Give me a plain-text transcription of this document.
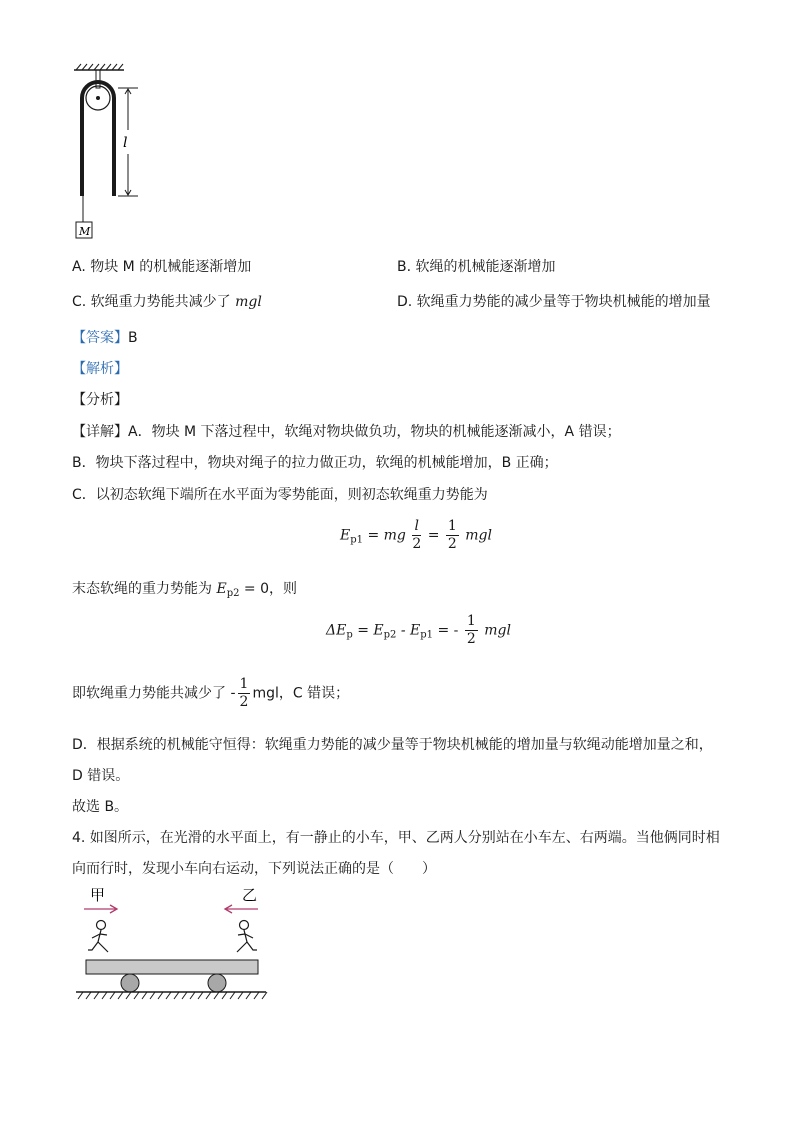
M
l
A. 物块 M 的机械能逐渐增加	B. 软绳的机械能逐渐增加
C. 软绳重力势能共减少了 mgl	D. 软绳重力势能的减少量等于物块机械能的增加量
【答案】B
【解析】
【分析】
【详解】A．物块 M 下落过程中，软绳对物块做负功，物块的机械能逐渐减小，A 错误；
B．物块下落过程中，物块对绳子的拉力做正功，软绳的机械能增加，B 正确；
C．以初态软绳下端所在水平面为零势能面，则初态软绳重力势能为
$E_{p1}$ = mg $\frac{l}{2} = \frac{1}{2}$ mgl
末态软绳的重力势能为 $E_{p2} = 0$，则
$\Delta E_p = E_{p2} - E_{p1}$ = - $\frac{1}{2}$ mgl
即软绳重力势能共减少了 - $\frac{1}{2}$ mgl，C 错误；
D．根据系统的机械能守恒得：软绳重力势能的减少量等于物块机械能的增加量与软绳动能增加量之和，
D 错误。
故选 B。
4. 如图所示，在光滑的水平面上，有一静止的小车，甲、乙两人分别站在小车左、右两端。当他俩同时相
向而行时，发现小车向右运动，下列说法正确的是（　　）
甲	乙
